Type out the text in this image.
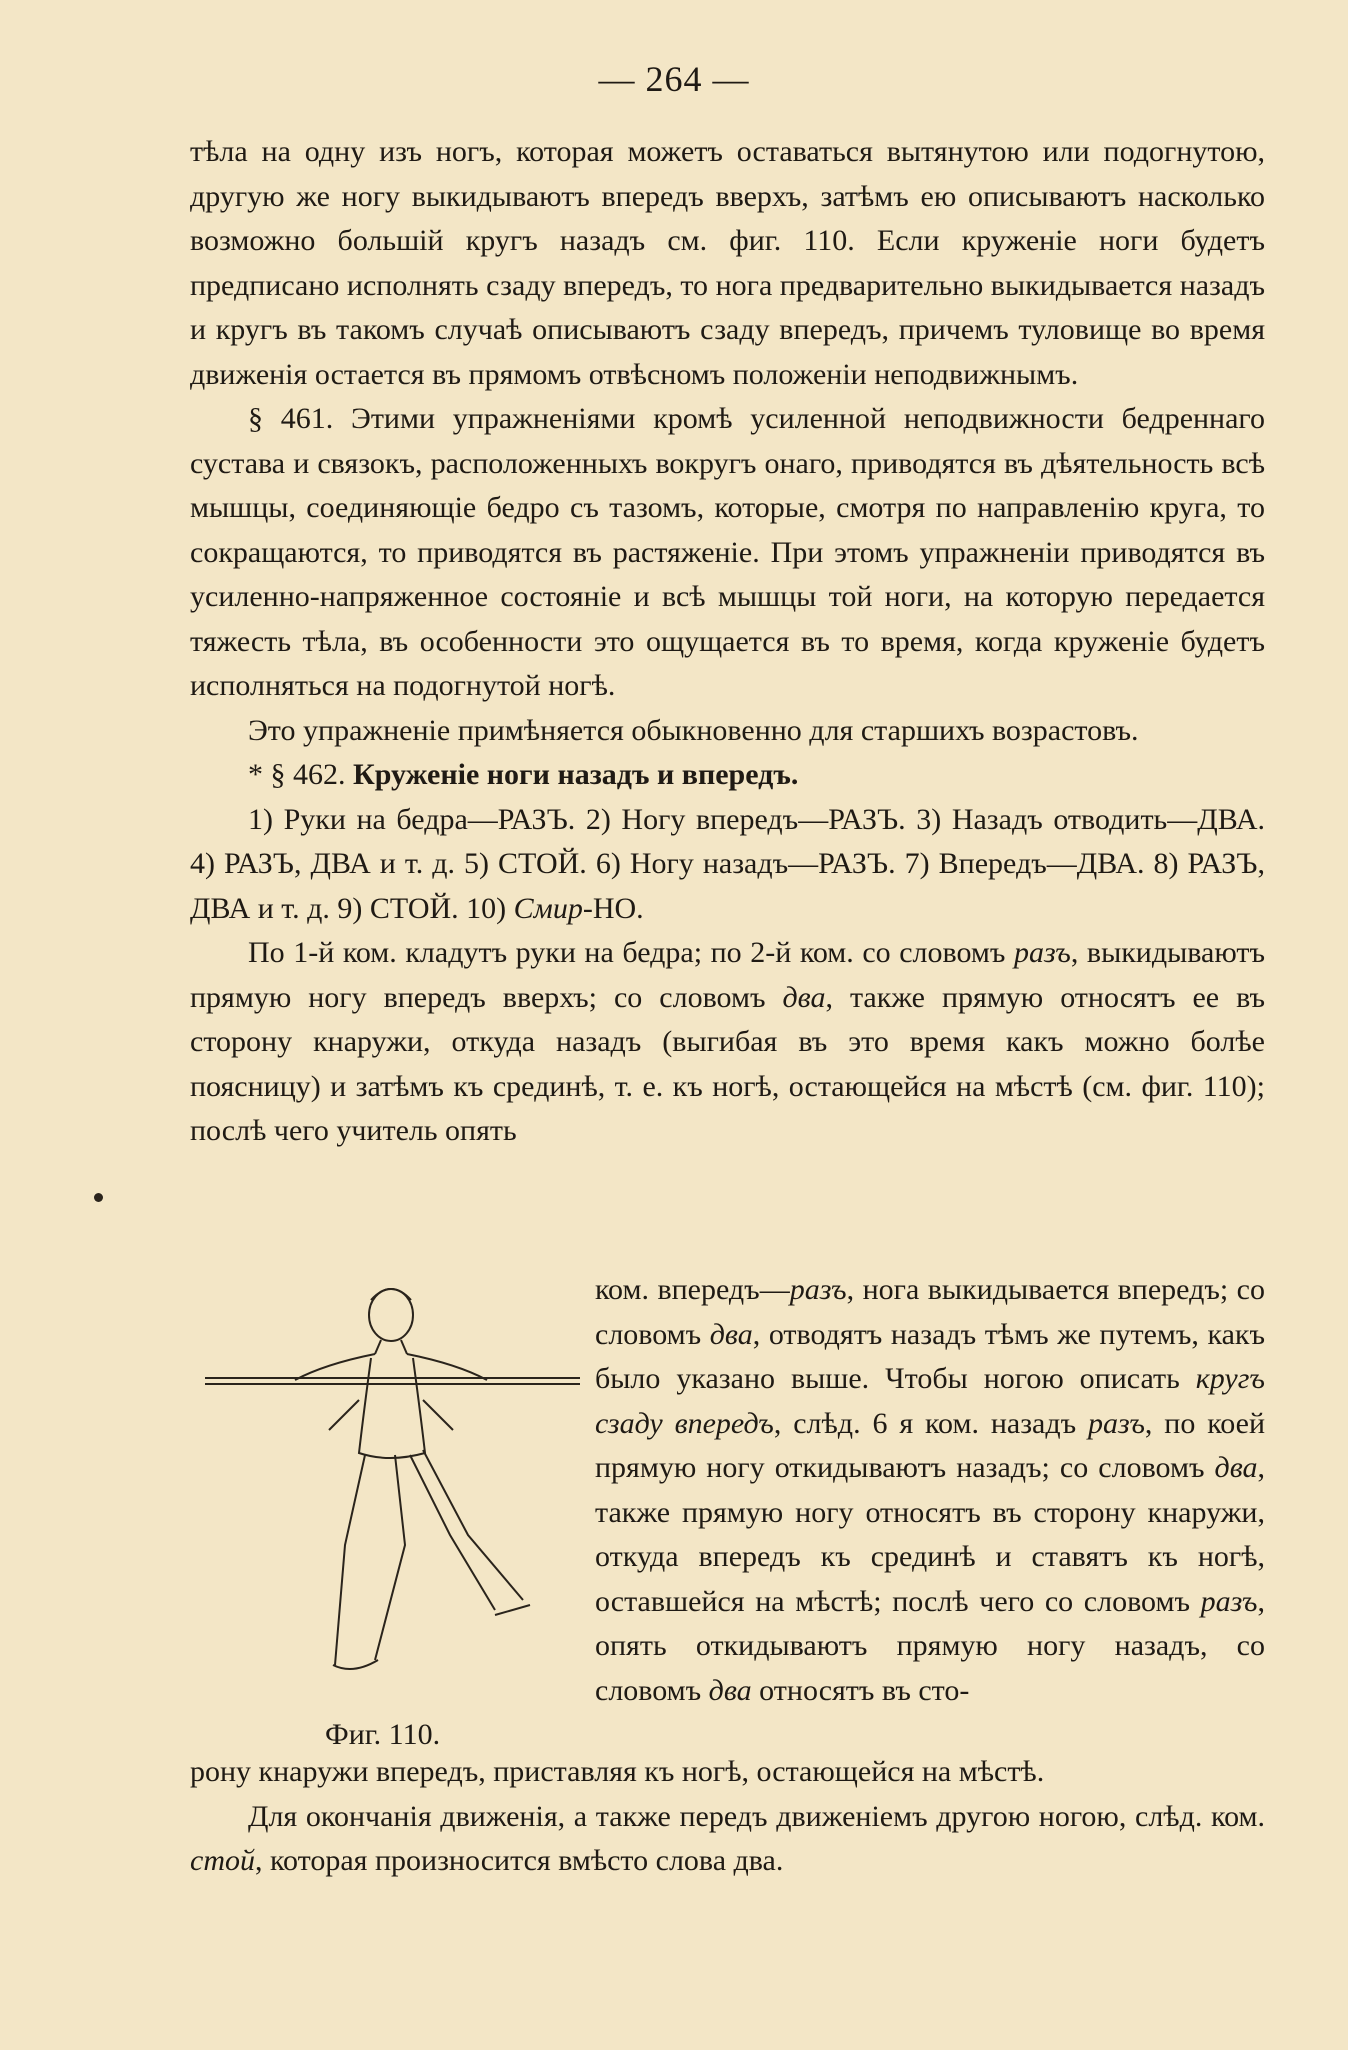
— 264 —

тѣла на одну изъ ногъ, которая можетъ оставаться вытянутою или подогнутою, другую же ногу выкидываютъ впередъ вверхъ, затѣмъ ею описываютъ насколько возможно большій кругъ назадъ см. фиг. 110. Если круженіе ноги будетъ предписано исполнять сзаду впередъ, то нога предварительно выкидывается назадъ и кругъ въ такомъ случаѣ описываютъ сзаду впередъ, причемъ туловище во время движенія остается въ прямомъ отвѣсномъ положеніи неподвижнымъ.

§ 461. Этими упражненіями кромѣ усиленной неподвижности бедреннаго сустава и связокъ, расположенныхъ вокругъ онаго, приводятся въ дѣятельность всѣ мышцы, соединяющіе бедро съ тазомъ, которые, смотря по направленію круга, то сокращаются, то приводятся въ растяженіе. При этомъ упражненіи приводятся въ усиленно-напряженное состояніе и всѣ мышцы той ноги, на которую передается тяжесть тѣла, въ особенности это ощущается въ то время, когда круженіе будетъ исполняться на подогнутой ногѣ.

Это упражненіе примѣняется обыкновенно для старшихъ возрастовъ.

* § 462. Круженіе ноги назадъ и впередъ.

1) Руки на бедра—РАЗЪ. 2) Ногу впередъ—РАЗЪ. 3) Назадъ отводить—ДВА. 4) РАЗЪ, ДВА и т. д. 5) СТОЙ. 6) Ногу назадъ—РАЗЪ. 7) Впередъ—ДВА. 8) РАЗЪ, ДВА и т. д. 9) СТОЙ. 10) Смир-НО.

По 1-й ком. кладутъ руки на бедра; по 2-й ком. со словомъ разъ, выкидываютъ прямую ногу впередъ вверхъ; со словомъ два, также прямую относятъ ее въ сторону кнаружи, откуда назадъ (выгибая въ это время какъ можно болѣе поясницу) и затѣмъ къ срединѣ, т. е. къ ногѣ, остающейся на мѣстѣ (см. фиг. 110); послѣ чего учитель опять

Фиг. 110.

ком. впередъ—разъ, нога выкидывается впередъ; со словомъ два, отводятъ назадъ тѣмъ же путемъ, какъ было указано выше. Чтобы ногою описать кругъ сзаду впередъ, слѣд. 6 я ком. назадъ разъ, по коей прямую ногу откидываютъ назадъ; со словомъ два, также прямую ногу относятъ въ сторону кнаружи, откуда впередъ къ срединѣ и ставятъ къ ногѣ, оставшейся на мѣстѣ; послѣ чего со словомъ разъ, опять откидываютъ прямую ногу назадъ, со словомъ два относятъ въ сто-

рону кнаружи впередъ, приставляя къ ногѣ, остающейся на мѣстѣ.

Для окончанія движенія, а также передъ движеніемъ другою ногою, слѣд. ком. стой, которая произносится вмѣсто слова два.
